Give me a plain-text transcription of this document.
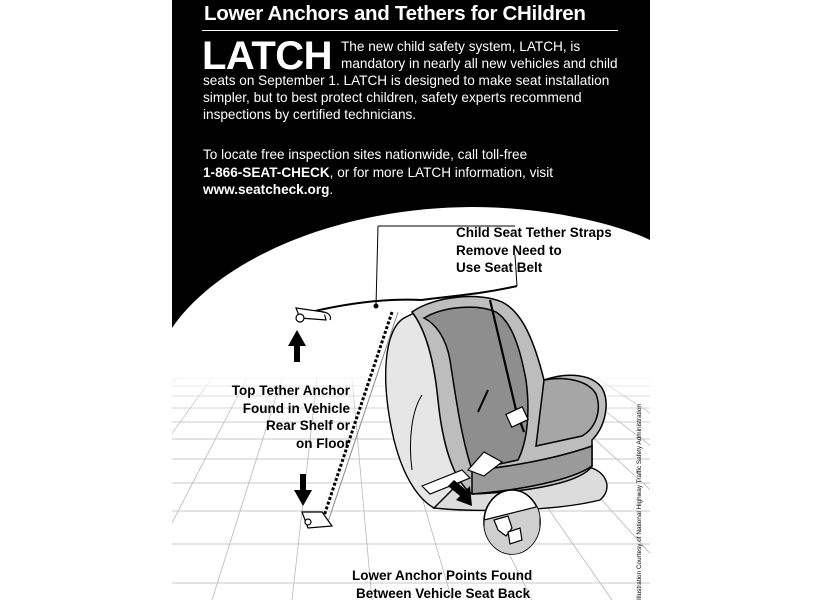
Lower Anchors and Tethers for CHildren
LATCH The new child safety system, LATCH, is mandatory in nearly all new vehicles and child seats on September 1. LATCH is designed to make seat installation simpler, but to best protect children, safety experts recommend inspections by certified technicians.
To locate free inspection sites nationwide, call toll-free
1-866-SEAT-CHECK, or for more LATCH information, visit
www.seatcheck.org.
Child Seat Tether Straps
Remove Need to
Use Seat Belt
Top Tether Anchor
Found in Vehicle
Rear Shelf or
on Floor
Lower Anchor Points Found
Between Vehicle Seat Back	Illustration Courtesy of National Highway Traffic Safety Administration
